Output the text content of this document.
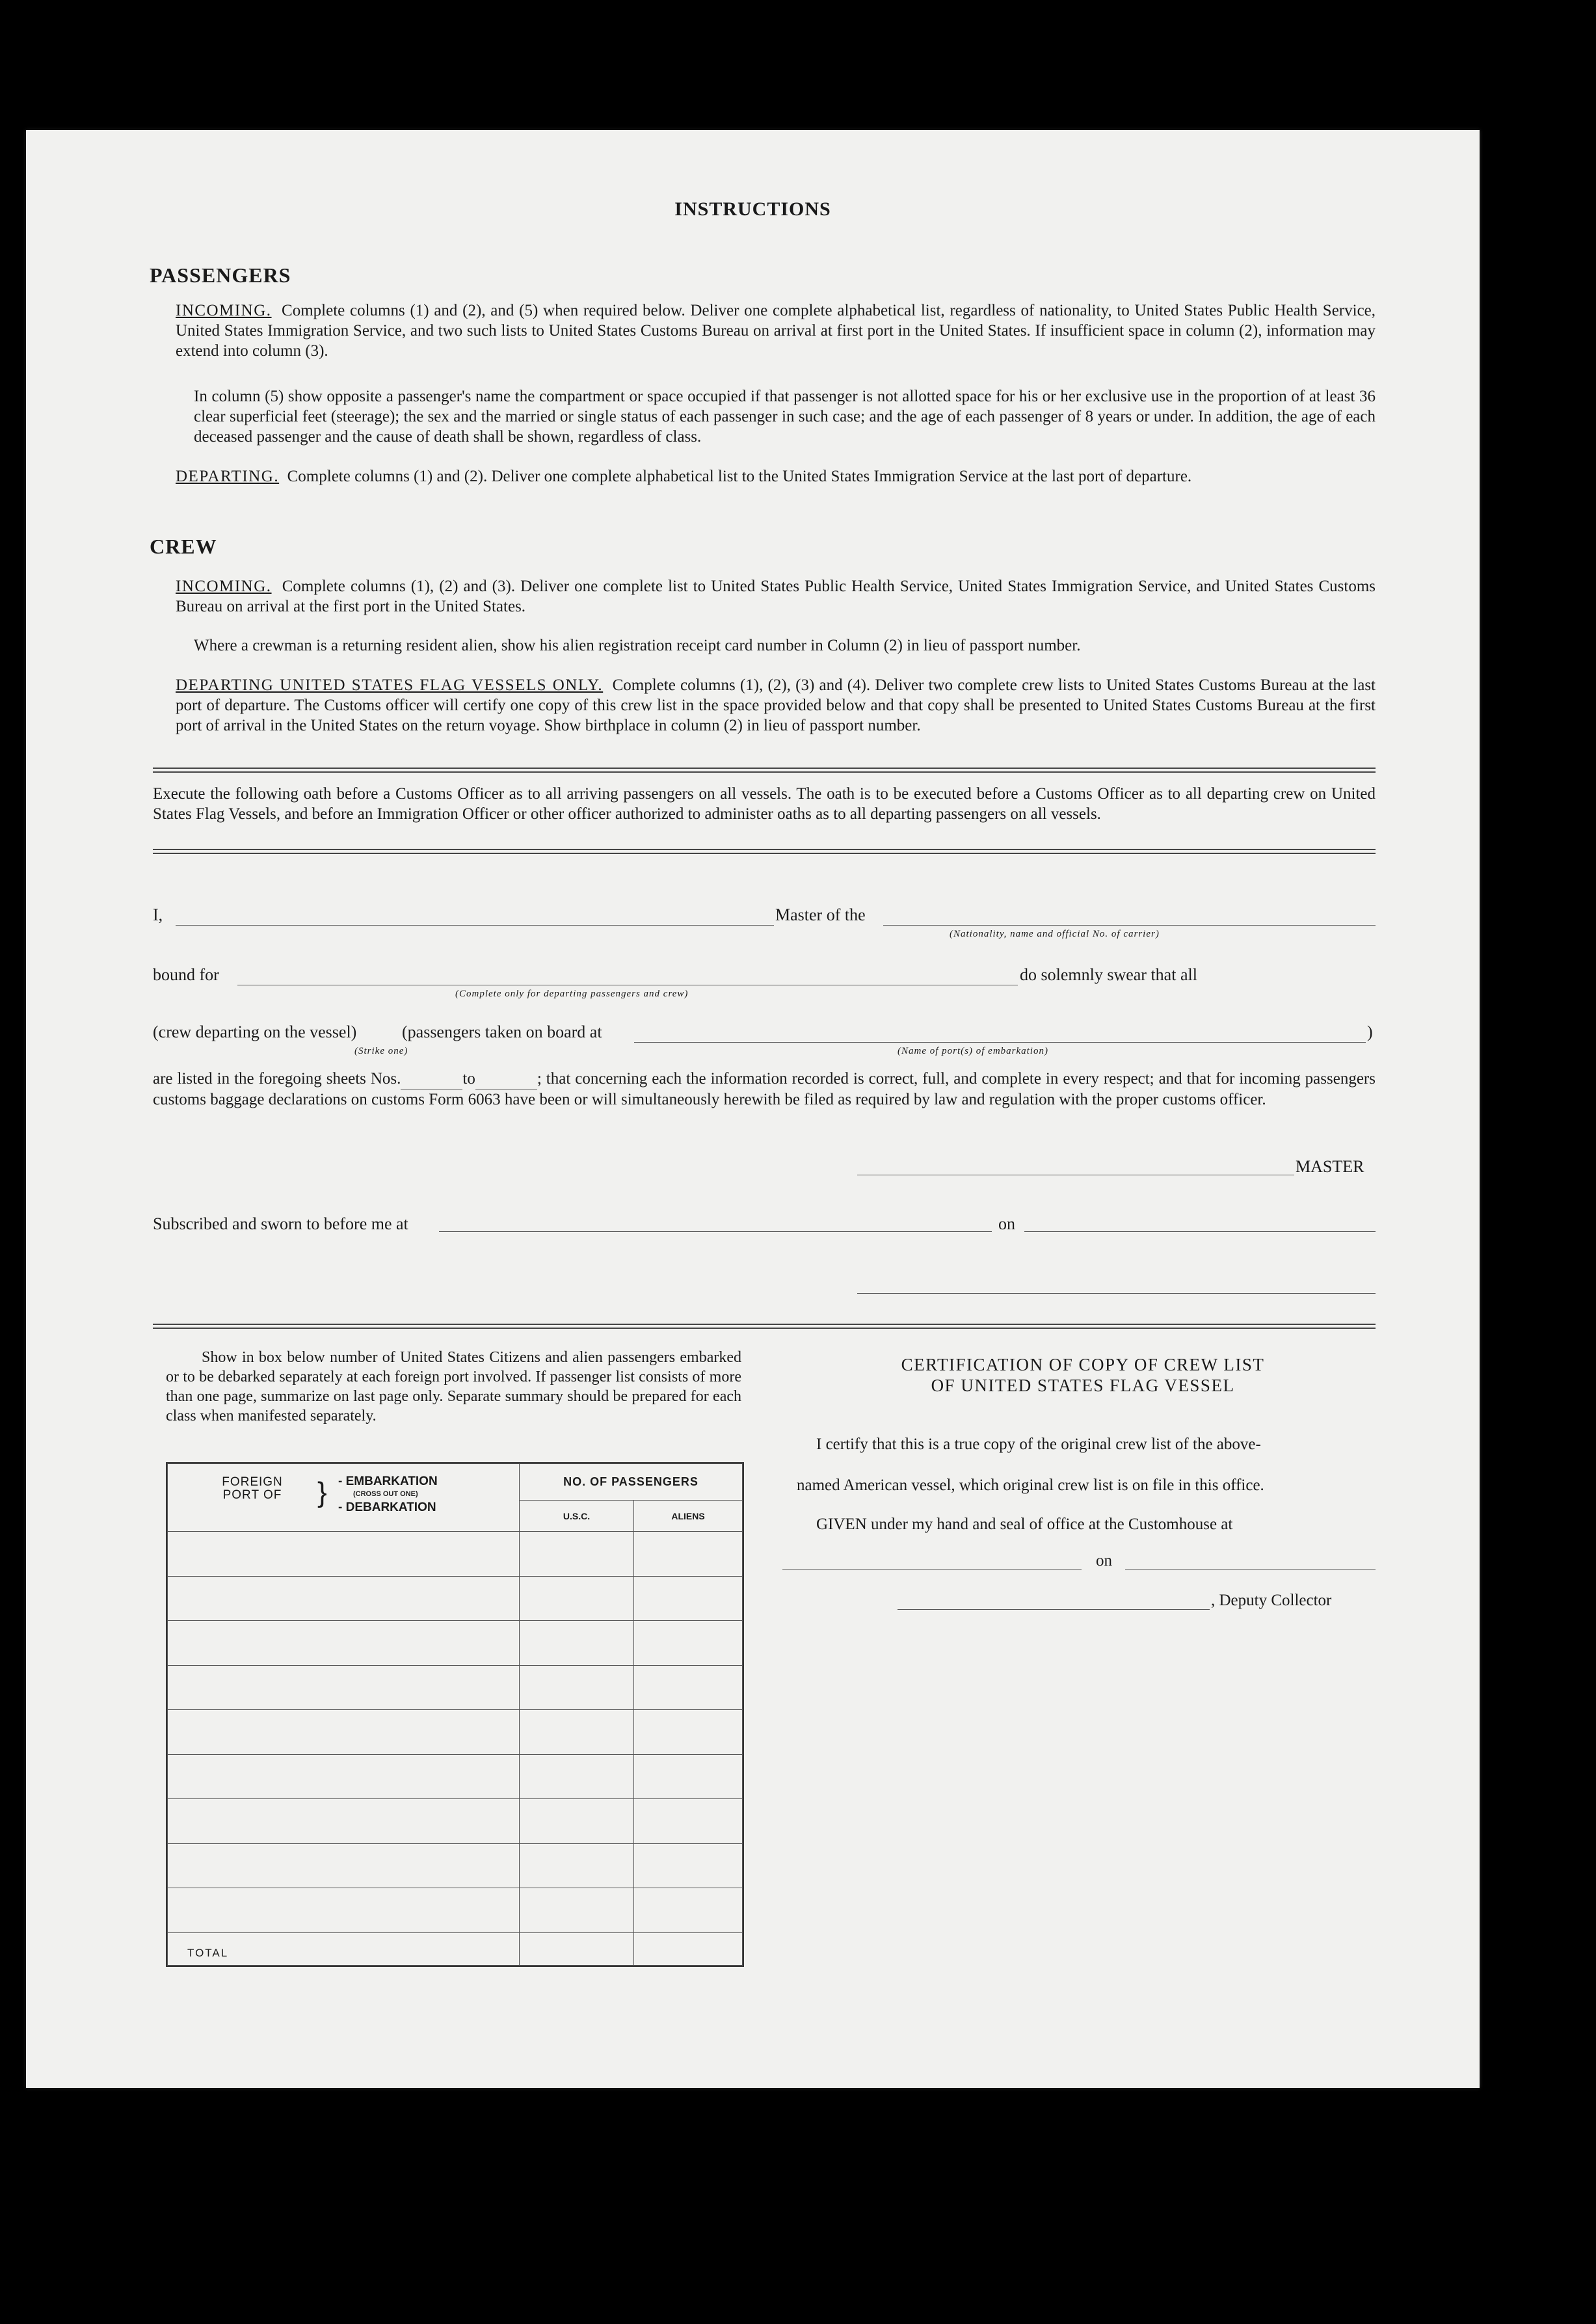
INSTRUCTIONS
PASSENGERS
INCOMING. Complete columns (1) and (2), and (5) when required below. Deliver one complete alphabetical list, regardless of nationality, to United States Public Health Service, United States Immigration Service, and two such lists to United States Customs Bureau on arrival at first port in the United States. If insufficient space in column (2), information may extend into column (3).
In column (5) show opposite a passenger's name the compartment or space occupied if that passenger is not allotted space for his or her exclusive use in the proportion of at least 36 clear superficial feet (steerage); the sex and the married or single status of each passenger in such case; and the age of each passenger of 8 years or under. In addition, the age of each deceased passenger and the cause of death shall be shown, regardless of class.
DEPARTING. Complete columns (1) and (2). Deliver one complete alphabetical list to the United States Immigration Service at the last port of departure.
CREW
INCOMING. Complete columns (1), (2) and (3). Deliver one complete list to United States Public Health Service, United States Immigration Service, and United States Customs Bureau on arrival at the first port in the United States.
Where a crewman is a returning resident alien, show his alien registration receipt card number in Column (2) in lieu of passport number.
DEPARTING UNITED STATES FLAG VESSELS ONLY. Complete columns (1), (2), (3) and (4). Deliver two complete crew lists to United States Customs Bureau at the last port of departure. The Customs officer will certify one copy of this crew list in the space provided below and that copy shall be presented to United States Customs Bureau at the first port of arrival in the United States on the return voyage. Show birthplace in column (2) in lieu of passport number.
Execute the following oath before a Customs Officer as to all arriving passengers on all vessels. The oath is to be executed before a Customs Officer as to all departing crew on United States Flag Vessels, and before an Immigration Officer or other officer authorized to administer oaths as to all departing passengers on all vessels.
I,	Master of the
(Nationality, name and official No. of carrier)
bound for	do solemnly swear that all
(Complete only for departing passengers and crew)
(crew departing on the vessel)	(passengers taken on board at	)
(Strike one)	(Name of port(s) of embarkation)
are listed in the foregoing sheets Nos.	to	; that concerning each the information recorded is correct, full, and complete in every respect; and that for incoming passengers customs baggage declarations on customs Form 6063 have been or will simultaneously herewith be filed as required by law and regulation with the proper customs officer.
MASTER
Subscribed and sworn to before me at	on
Show in box below number of United States Citizens and alien passengers embarked or to be debarked separately at each foreign port involved. If passenger list consists of more than one page, summarize on last page only. Separate summary should be prepared for each class when manifested separately.
FOREIGN PORT OF } - EMBARKATION
(CROSS OUT ONE)
- DEBARKATION	NO. OF PASSENGERS	
	U.S.C.	ALIENS

TOTAL		
CERTIFICATION OF COPY OF CREW LIST
OF UNITED STATES FLAG VESSEL
I certify that this is a true copy of the original crew list of the above-
named American vessel, which original crew list is on file in this office.
GIVEN under my hand and seal of office at the Customhouse at
on
, Deputy Collector
